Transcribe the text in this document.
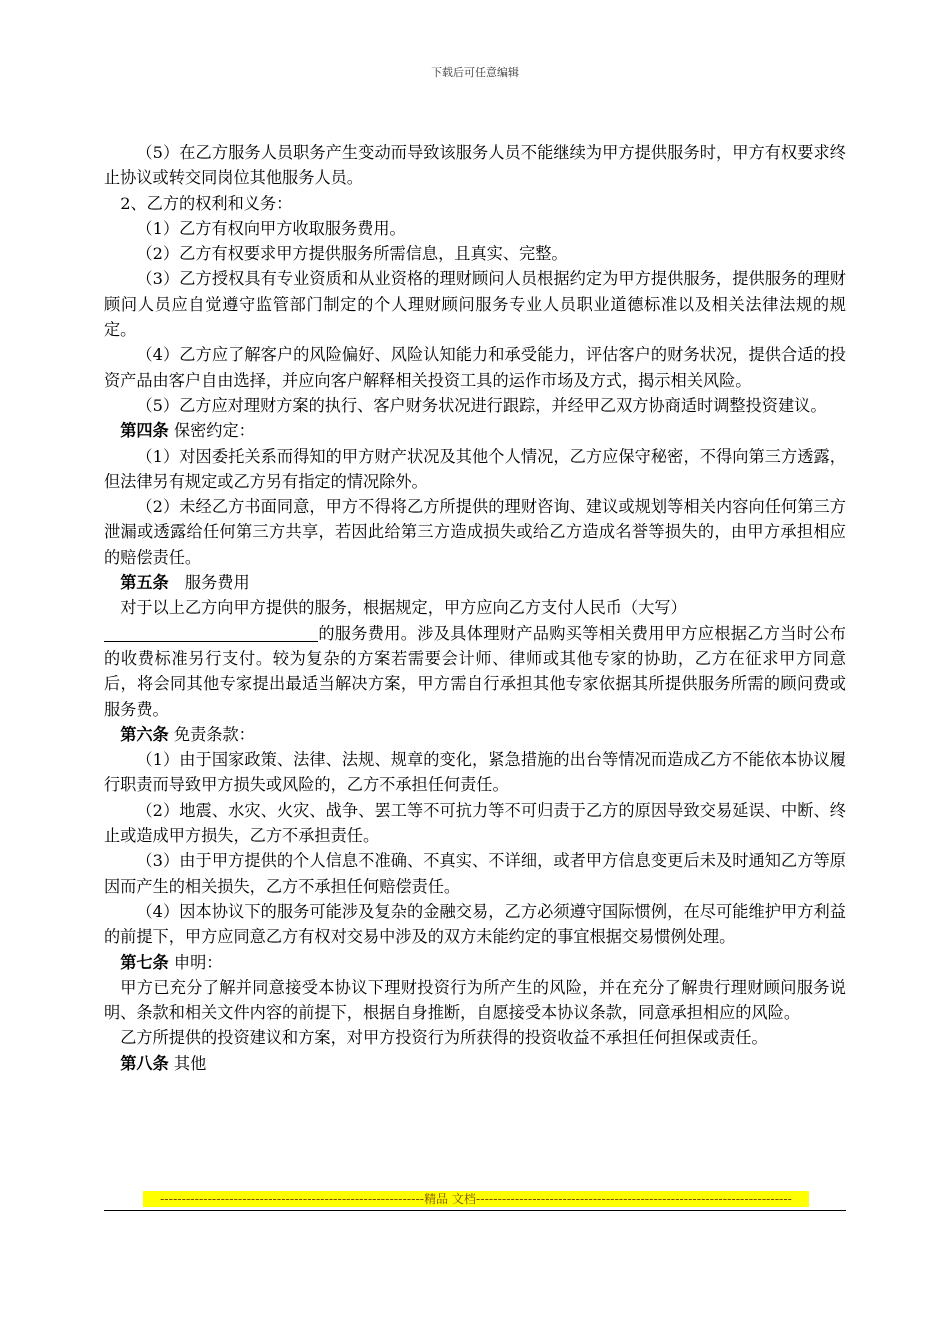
下载后可任意编辑

（5）在乙方服务人员职务产生变动而导致该服务人员不能继续为甲方提供服务时，甲方有权要求终止协议或转交同岗位其他服务人员。

2、乙方的权利和义务：

（1）乙方有权向甲方收取服务费用。

（2）乙方有权要求甲方提供服务所需信息，且真实、完整。

（3）乙方授权具有专业资质和从业资格的理财顾问人员根据约定为甲方提供服务，提供服务的理财顾问人员应自觉遵守监管部门制定的个人理财顾问服务专业人员职业道德标准以及相关法律法规的规定。

（4）乙方应了解客户的风险偏好、风险认知能力和承受能力，评估客户的财务状况，提供合适的投资产品由客户自由选择，并应向客户解释相关投资工具的运作市场及方式，揭示相关风险。

（5）乙方应对理财方案的执行、客户财务状况进行跟踪，并经甲乙双方协商适时调整投资建议。

第四条 保密约定：

（1）对因委托关系而得知的甲方财产状况及其他个人情况，乙方应保守秘密，不得向第三方透露，但法律另有规定或乙方另有指定的情况除外。

（2）未经乙方书面同意，甲方不得将乙方所提供的理财咨询、建议或规划等相关内容向任何第三方泄漏或透露给任何第三方共享，若因此给第三方造成损失或给乙方造成名誉等损失的，由甲方承担相应的赔偿责任。

第五条　服务费用

对于以上乙方向甲方提供的服务，根据规定，甲方应向乙方支付人民币（大写）

的服务费用。涉及具体理财产品购买等相关费用甲方应根据乙方当时公布的收费标准另行支付。较为复杂的方案若需要会计师、律师或其他专家的协助，乙方在征求甲方同意后，将会同其他专家提出最适当解决方案，甲方需自行承担其他专家依据其所提供服务所需的顾问费或服务费。

第六条 免责条款：

（1）由于国家政策、法律、法规、规章的变化，紧急措施的出台等情况而造成乙方不能依本协议履行职责而导致甲方损失或风险的，乙方不承担任何责任。

（2）地震、水灾、火灾、战争、罢工等不可抗力等不可归责于乙方的原因导致交易延误、中断、终止或造成甲方损失，乙方不承担责任。

（3）由于甲方提供的个人信息不准确、不真实、不详细，或者甲方信息变更后未及时通知乙方等原因而产生的相关损失，乙方不承担任何赔偿责任。

（4）因本协议下的服务可能涉及复杂的金融交易，乙方必须遵守国际惯例，在尽可能维护甲方利益的前提下，甲方应同意乙方有权对交易中涉及的双方未能约定的事宜根据交易惯例处理。

第七条 申明：

甲方已充分了解并同意接受本协议下理财投资行为所产生的风险，并在充分了解贵行理财顾问服务说明、条款和相关文件内容的前提下，根据自身推断，自愿接受本协议条款，同意承担相应的风险。

乙方所提供的投资建议和方案，对甲方投资行为所获得的投资收益不承担任何担保或责任。

第八条 其他

-------------------------------------------------------------精品 文档-------------------------------------------------------------------------
